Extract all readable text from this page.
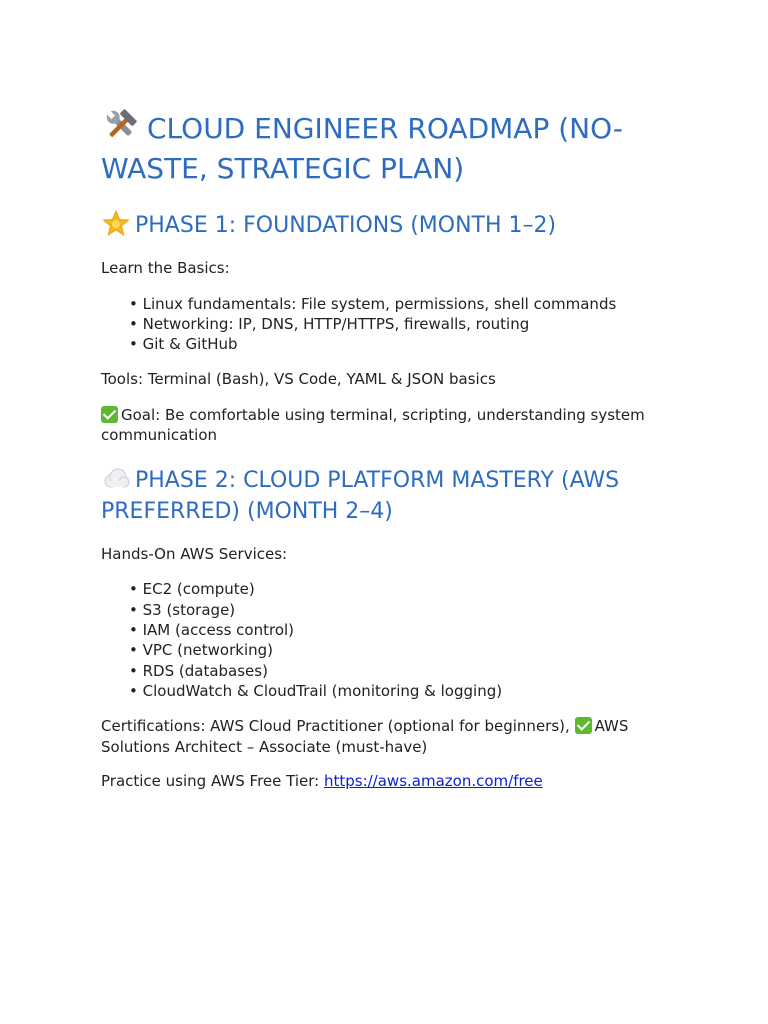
CLOUD ENGINEER ROADMAP (NO-WASTE, STRATEGIC PLAN)
PHASE 1: FOUNDATIONS (MONTH 1–2)

Learn the Basics:

• Linux fundamentals: File system, permissions, shell commands
• Networking: IP, DNS, HTTP/HTTPS, firewalls, routing
• Git & GitHub

Tools: Terminal (Bash), VS Code, YAML & JSON basics

Goal: Be comfortable using terminal, scripting, understanding system communication

PHASE 2: CLOUD PLATFORM MASTERY (AWS PREFERRED) (MONTH 2–4)

Hands-On AWS Services:

• EC2 (compute)
• S3 (storage)
• IAM (access control)
• VPC (networking)
• RDS (databases)
• CloudWatch & CloudTrail (monitoring & logging)

Certifications: AWS Cloud Practitioner (optional for beginners), AWS Solutions Architect – Associate (must-have)

Practice using AWS Free Tier: https://aws.amazon.com/free
